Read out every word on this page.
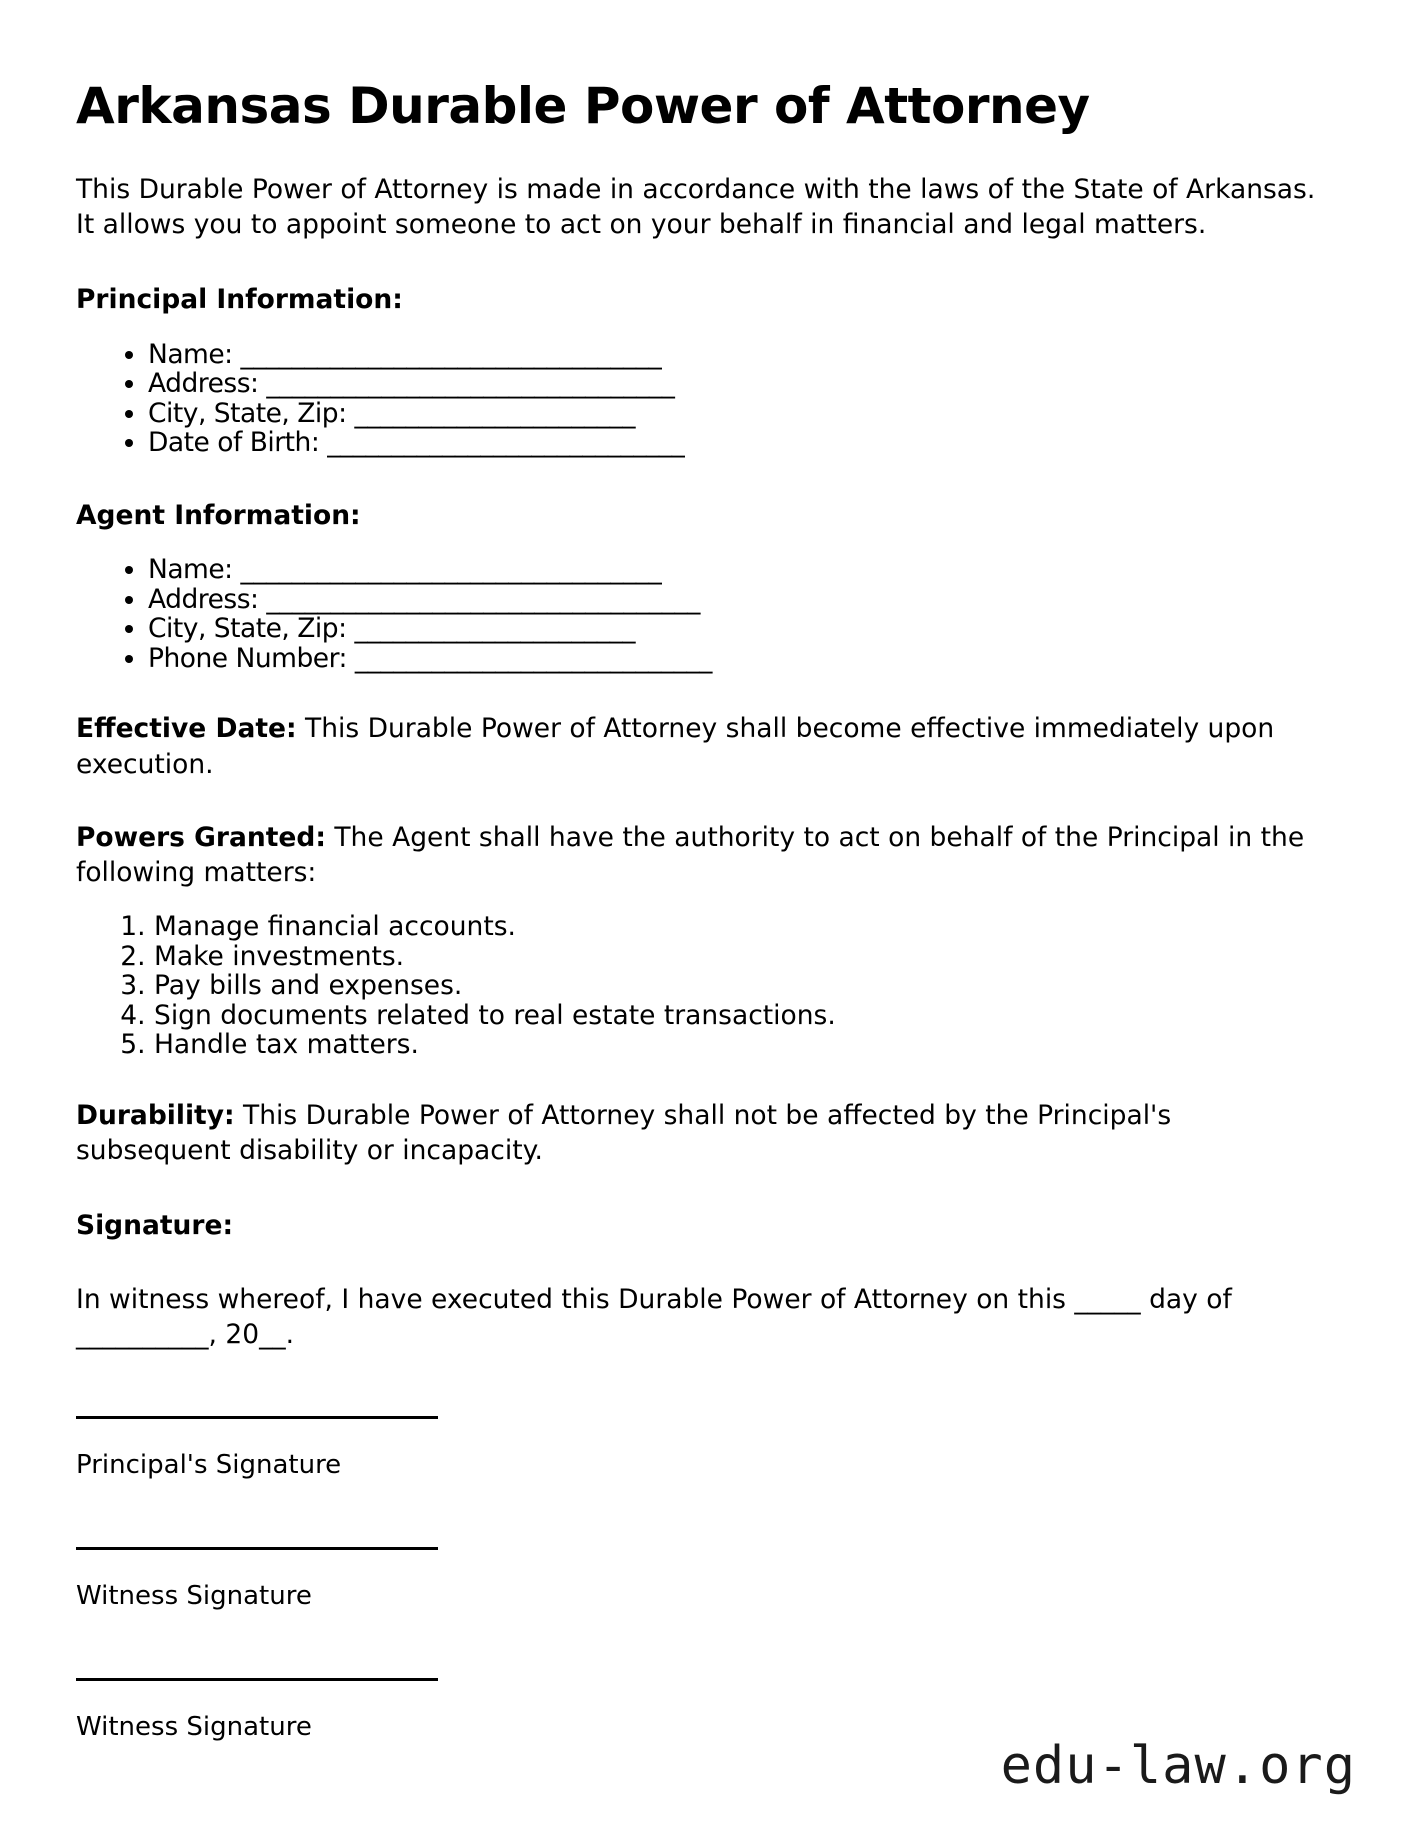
Arkansas Durable Power of Attorney

This Durable Power of Attorney is made in accordance with the laws of the State of Arkansas. It allows you to appoint someone to act on your behalf in financial and legal matters.

Principal Information:
• Name: _________________________________
• Address: ________________________________
• City, State, Zip: ______________________
• Date of Birth: ____________________________
Agent Information:
• Name: _________________________________
• Address: __________________________________
• City, State, Zip: ______________________
• Phone Number: ____________________________

Effective Date: This Durable Power of Attorney shall become effective immediately upon execution.

Powers Granted: The Agent shall have the authority to act on behalf of the Principal in the following matters:

1. Manage financial accounts.
2. Make investments.
3. Pay bills and expenses.
4. Sign documents related to real estate transactions.
5. Handle tax matters.

Durability: This Durable Power of Attorney shall not be affected by the Principal's subsequent disability or incapacity.

Signature:

In witness whereof, I have executed this Durable Power of Attorney on this _____ day of __________, 20__.

Principal's Signature

Witness Signature

Witness Signature

edu-law.org
